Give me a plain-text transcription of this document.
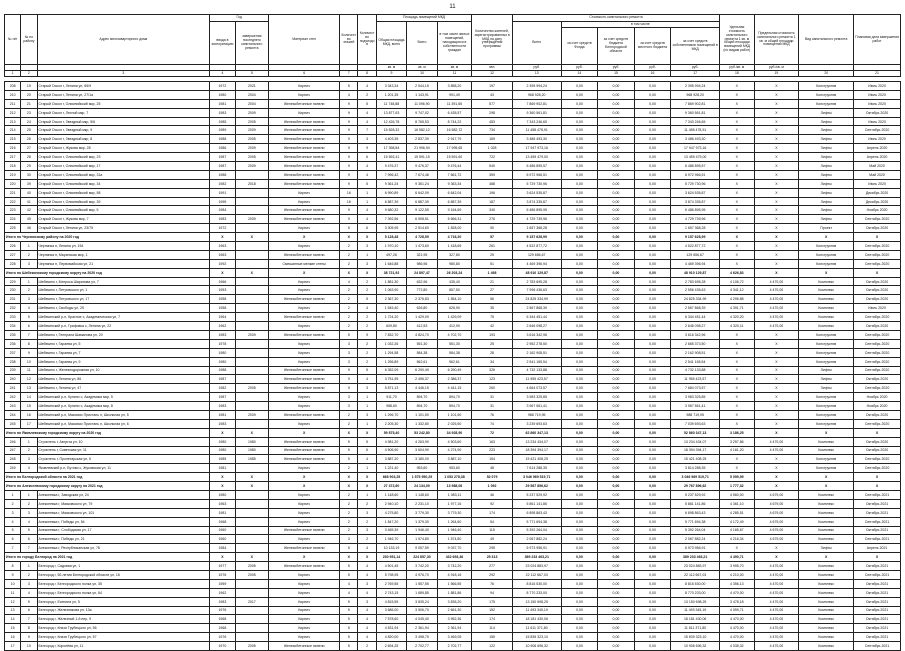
11
№ п/п	№ по району	Адрес многоквартирного дома	Год		Материал стен	Количество этажей	Количество подъездов	Площадь помещений МКД			Количество жителей, зарегистрированных в МКД на дату утверждения программы	Стоимость капитального ремонта					Удельная стоимость капитального ремонта 1 кв. м общей площади помещений МКД (по видам работ)	Предельная стоимость капитального ремонта 1 кв. м общей площади помещений МКД	Вид капитального ремонта	Плановая дата завершения работ
			ввода в эксплуатацию	завершения последнего капитального ремонта				Общая площадь МКД, всего	Всего	в том числе жилых помещений, находящихся в собственности граждан		Всего	в том числе							
													за счет средств Фонда	за счет средств бюджета Белгородской области	за счет средств местного бюджета	за счет средств собственников помещений в МКД				
								кв. м	кв. м	кв. м	чел.	руб.	руб.	руб.	руб.	руб.	руб./кв. м	руб./кв. м		
1	2	3	4	5	6	7	8	9	10	11	12	13	14	15	16	17	18	19	20	21
208	19	Старый Оскол г, Ленина ул, 65/9	1972	2021	Кирпич	5	4	3 343,34	2 544,15	3 858,20	197	2 395 994,24	0,00	0,00	0,00	2 395 994,24	X	X	Конструктив	Июль 2020
210	20	Старый Оскол г, Ленина ул, 27/1а	1980	2004	Кирпич	4	2	1 201,35	1 143,91	991,49	43	968 928,20	0,00	0,00	0,00	968 928,20	X	X	Конструктив	Июль 2020
211	21	Старый Оскол г, Олимпийский мкр, 25	1981	2004	Железобетонные панели	9	5	11 748,88	11 096,90	11 391,65	577	7 869 902,81	0,00	0,00	0,00	7 869 902,81	X	X	Конструктив	Июль 2020
212	23	Старый Оскол г, Лесной мкр, 7	1983	2009	Кирпич	9	4	13 877,63	9 747,02	6 435,57	298	9 360 561,81	0,00	0,00	0,00	9 360 561,81	X	X	Лифты	Октябрь 2020
213	24	Старый Оскол г, Звездный мкр, 5/6	1985	2005	Железобетонные панели	9	4	12 426,78	8 765,53	8 744,22	453	7 343 246,65	0,00	0,00	0,00	7 343 246,65	X	X	Лифты	Июль 2020
214	25	Старый Оскол г, Звездный мкр, 9	1989	2009	Железобетонные панели	9	7	15 828,32	16 582,12	16 582,72	734	11 458 478,91	0,00	0,00	0,00	11 458 478,91	X	X	Лифты	Сентябрь 2020
215	26	Старый Оскол г, Звездный мкр, 8	1988	2005	Железобетонные панели	9	3	4 403,35	2 837,39	2 917,79	169	3 486 493,30	0,00	0,00	0,00	3 486 493,30	X	X	Лифты	Июнь 2020
216	27	Старый Оскол г, Жукова мкр, 28	1986	2009	Железобетонные панели	9	9	17 398,84	21 996,94	17 995,65	1 028	17 947 973,16	0,00	0,00	0,00	17 947 973,16	X	X	Лифты	Апрель 2020
217	28	Старый Оскол г, Олимпийский мкр, 23	1987	2005	Железобетонные панели	9	6	15 592,41	15 591,15	15 591,60	722	13 459 479,00	0,00	0,00	0,00	13 459 479,00	X	X	Лифты	Апрель 2020
218	29	Старый Оскол г, Олимпийский мкр, 17	1987	2009	Железобетонные панели	9	4	9 476,37	9 476,37	9 476,44	540	6 486 895,57	0,00	0,00	0,00	6 486 895,57	X	X	Лифты	Май 2020
219	30	Старый Оскол г, Олимпийский мкр, 31а	1988		Железобетонные панели	9	4	7 996,42	7 674,48	7 661,72	359	6 972 966,51	0,00	0,00	0,00	6 972 966,51	X	X	Лифты	Май 2020
220	39	Старый Оскол г, Олимпийский мкр, 34	1982	2018	Железобетонные панели	9	5	9 361,24	9 361,24	9 363,34	488	5 729 730,96	0,00	0,00	0,00	5 729 730,96	X	X	Лифты	Июль 2020
221	40	Старый Оскол г, Олимпийский мкр, 58	1991		Кирпич	16	1	6 990,89	6 642,09	6 642,04	196	3 624 535,87	0,00	0,00	0,00	3 624 535,87	X	X	Лифты	Декабрь 2020
222	41	Старый Оскол г, Олимпийский мкр, 39	1995		Кирпич	16	1	6 887,39	6 887,39	6 887,39	187	3 874 335,87	0,00	0,00	0,00	3 874 335,87	X	X	Лифты	Декабрь 2020
223	42	Старый Оскол г, Олимпийский мкр, 5	1984		Железобетонные панели	9	4	9 680,32	9 122,55	9 164,69	340	6 486 895,95	0,00	0,00	0,00	6 486 895,95	X	X	Лифты	Ноябрь 2020
224	45	Старый Оскол г, Жукова мкр, 7	1983	2009	Железобетонные панели	9	4	7 392,56	6 908,51	5 666,31	276	4 729 739,96	0,00	0,00	0,00	4 729 739,96	X	X	Лифты	Сентябрь 2020
225	46	Старый Оскол г, Ленина ул, 23/75	1972		Кирпич	5	6	3 305,95	2 514,60	1 828,00	90	1 657 368,28	0,00	0,00	0,00	1 657 368,28	X	X	Проект	Октябрь 2020
Итого по Чернянскому району на 2020 год			X	X	X	X	X	5 128,48	4 728,59	4 716,20	57	9 157 628,99	0,00	0,00	0,00	9 157 628,99	X	X	X	X
226	1	Чернянка п, Ленина ул, 154	1963		Кирпич	2	3	1 970,10	1 473,60	1 418,65	261	4 522 877,72	0,00	0,00	0,00	4 522 877,72	X	X	Конструктив	Сентябрь 2020
227	2	Чернянка п, Маринская мкр, 1	1963		Железобетонные панели	2	1	497,26	321,95	327,80	25	129 656,67	0,00	0,00	0,00	129 656,67	X	X	Конструктив	Сентябрь 2020
228	3	Чернянка п, Первомайская ул, 21	1992		Смешанные мелкие стены	2	3	1 646,88	986,96	980,80	51	4 469 396,94	0,00	0,00	0,00	4 469 396,94	X	X	Конструктив	Сентябрь 2020
Итого по Шебекинскому городскому округу на 2020 год			X	X	X	X	X	38 721,92	24 897,47	26 203,24	1 498	48 910 129,87	0,00	0,00	0,00	48 910 129,87	4 626,83	X	X	X
229	1	Шебекино г, Матроса Шарапова ул, 7	1966		Кирпич	4	2	1 881,30	632,96	435,40	21	2 783 695,28	0,00	0,00	0,00	2 783 695,28	4 106,72	4 470,00	Комплекс	Октябрь 2020
230	2	Шебекино г, Петровского ул, 1	1953		Кирпич	2	2	1 063,90	772,80	857,50	27	7 996 436,63	0,00	0,00	0,00	2 556 435,63	4 341,12	4 470,00	Комплекс	Октябрь 2020
231	3	Шебекино г, Петровского ул, 17	1958		Железобетонные панели	2	5	2 367,30	2 376,83	1 554,10	56	24 825 334,99	0,00	0,00	0,00	24 825 334,99	4 296,88	4 470,00	Комплекс	Октябрь 2020
232	4	Шебекино г, Свободы ул, 25	1958		Кирпич	2	4	1 545,40	626,80	626,90	35	2 567 868,39	0,00	0,00	0,00	2 567 868,39	4 391,71	4 470,00	Комплекс	Июль 2020
233	5	Шебекинский р-н, Красное с, Академическая ул, 7	1964		Железобетонные панели	2	2	1 724,20	1 429,09	1 429,09	75	6 344 451,44	0,00	0,00	0,00	6 344 451,44	4 320,20	4 470,00	Комплекс	Сентябрь 2020
234	6	Шебекинский р-н, Графовка с, Ленина ул, 22	1962		Кирпич	2	2	609,80	412,53	412,90	42	2 646 098,27	0,00	0,00	0,00	2 646 098,27	4 320,11	4 470,00	Комплекс	Октябрь 2020
235	7	Шебекино г, Генерала Шаманова ул, 20	1983	2009	Железобетонные панели	5	9	7 832,70	4 824,70	4 702,70	193	3 616 342,96	0,00	0,00	0,00	3 616 342,96	X	X	Конструктив	Сентябрь 2020
236	8	Шебекино г, Гараева ул, 5	1978		Кирпич	3	2	1 032,26	551,30	551,30	25	2 952 278,50	0,00	0,00	0,00	2 665 373,50	X	X	Конструктив	Сентябрь 2020
237	9	Шебекино г, Гараева ул, 7	1980		Кирпич	3	2	1 294,58	584,38	584,38	28	2 162 908,51	0,00	0,00	0,00	2 162 908,51	X	X	Конструктив	Сентябрь 2020
238	10	Шебекино г, Гараева ул, 9	1980		Кирпич	3	2	1 256,89	562,61	562,61	34	2 541 165,54	0,00	0,00	0,00	2 541 165,54	X	X	Конструктив	Сентябрь 2020
239	11	Шебекино г, Железнодорожная ул, 10	1988		Железобетонные панели	9	5	6 352,09	6 290,49	6 290,49	326	4 732 133,88	0,00	0,00	0,00	4 732 133,88	X	X	Лифты	Сентябрь 2020
240	12	Шебекино г, Ленина ул, 86	1987		Железобетонные панели	9	4	3 751,95	2 496,37	2 386,37	123	11 955 423,57	0,00	0,00	0,00	11 955 423,57	X	X	Лифты	Октябрь 2020
241	13	Шебекино г, Ленина ул, 47	1982	2005	Железобетонные панели	9	3	5 871,13	4 446,15	4 441,15	260	4 664 073,57	0,00	0,00	0,00	7 684 073,57	X	X	Лифты	Сентябрь 2020
242	14	Шебекинский р-н, Купино с, Академика мкр, 5	1987		Кирпич	3	1	911,70	894,70	894,70	31	3 983 325,85	0,00	0,00	0,00	3 983 325,85	X	X	Конструктив	Ноябрь 2020
243	15	Шебекинский р-н, Купино с, Академика мкр, 8	1983		Кирпич	3	1	988,60	894,70	894,70	31	3 967 561,41	0,00	0,00	0,00	3 967 561,41	X	X	Конструктив	Ноябрь 2020
244	16	Шебекинский р-н, Максимо Пристань п, Школьная ул, 5	1981	2009	Железобетонные панели	2	3	1 296,70	1 101,50	1 101,50	76	988 719,95	0,00	0,00	0,00	988 719,95	X	X	Конструктив	Октябрь 2020
245	17	Шебекинский р-н, Максимо Пристань п, Школьная ул, 6	1983		Кирпич	2	1	2 205,30	1 332,80	2 025,50	74	3 239 693,63	0,00	0,00	0,00	7 039 693,63	X	X	Конструктив	Сентябрь 2020
Итого по Яковлевскому городскому округу на 2020 год			X	X	X	X	X	59 875,40	53 242,80	34 928,90	72	62 860 347,13	0,00	0,00	0,00	52 860 347,13	3 186,25	X	X	X
246	1	Строитель г, Августа ул, 10	1980	1980	Железобетонные панели	5	5	4 981,20	4 263,90	4 503,60	163	13 234 434,07	0,00	0,00	0,00	13 234 434,07	3 257,86	4 470,00	Комплекс	Октябрь 2020
247	2	Строитель г, Советская ул, 11	1980	1980	Железобетонные панели	5	6	4 506,90	3 604,90	4 274,90	223	18 394 394,17	0,00	0,00	0,00	18 394 394,17	4 161,20	4 470,00	Комплекс	Октябрь 2020
248	3	Строитель г, Пролетарская ул, 5	1985	1985	Железобетонные панели	5	4	3 887,20	3 180,00	3 887,10	154	15 421 408,25	0,00	0,00	0,00	15 421 408,25	X	X	Конструктив	Сентябрь 2020
249	4	Яковлевский р-н, Бутово с, Жуковская ул, 11	1981		Кирпич	2	1	1 221,40	953,60	953,60	48	7 614 288,35	0,00	0,00	0,00	3 814 288,35	X	X	Конструктив	Сентябрь 2020
Итого по Белгородской области на 2021 год			X	X	X	X	X	668 903,25	1 575 950,29	1 053 278,38	52 079	3 046 969 519,71	0,00	0,00	0,00	3 046 969 519,71	5 059,99	X	X	X
Итого по Алексеевскому городскому округу на 2021 год			X	X	X	X	X	27 472,60	24 134,09	13 988,08	1 092	29 567 896,62	0,00	0,00	0,00	29 767 896,62	1 777,32	X	X	X
1	1	Алексеевка г, Заводская ул, 24	1980		Кирпич	2	1	1 148,60	1 148,60	1 083,11	46	5 237 529,92	0,00	0,00	0,00	5 237 529,92	4 560,00	4 679,00	Комплекс	Сентябрь 2021
2	2	Алексеевка г, Маяковского ул, 79	1963		Кирпич	2	2	2 940,10	2 231,10	1 977,16	92	5 861 141,86	0,00	0,00	0,00	5 861 141,86	4 361,10	4 679,00	Комплекс	Октябрь 2021
3	3	Алексеевка г, Маяковского ул, 101	1981		Кирпич	2	3	4 275,80	3 779,30	3 779,30	174	6 898 863,43	0,00	0,00	0,00	6 898 863,43	4 285,51	4 679,00	Комплекс	Октябрь 2021
4	4	Алексеевка г, Победы ул, 54	1968		Кирпич	2	2	1 847,20	1 379,30	1 264,60	54	5 771 694,38	0,00	0,00	0,00	5 771 694,38	4 172,49	4 679,00	Комплекс	Сентябрь 2021
5	5	Алексеевка г, Слободская ул, 17	1960		Железобетонные панели	2	3	3 465,39	1 946,40	1 946,40	115	5 392 264,04	0,00	0,00	0,00	5 392 264,04	4 165,67	4 679,00	Комплекс	Октябрь 2021
6	6	Алексеевка г, Победы ул, 21	1960		Кирпич	3	2	1 946,70	1 574,80	1 574,80	49	2 067 882,24	0,00	0,00	0,00	2 067 882,24	4 216,34	4 679,00	Комплекс	Сентябрь 2021
7	7	Алексеевка г, Республиканская ул, 78	1984		Железобетонные панели	5	4	10 133,19	9 057,59	9 037,70	295	6 973 956,91	0,00	0,00	0,00	6 973 956,91	X	X	Лифты	Апрель 2021
Итого по городу Белгород на 2021 год			X	X	X	X	X	230 951,14	224 857,30	432 693,46	25 313	389 233 463,21	0,00	0,00	0,00	389 233 463,21	4 490,71	X	X	X
8	1	Белгород г, Садовая ул, 1	1977	2005	Железобетонные панели	5	4	4 501,45	3 742,20	3 742,20	277	23 024 883,97	0,00	0,00	0,00	23 024 883,97	3 995,70	4 470,00	Комплекс	Октябрь 2021
9	2	Белгород г, 50-летия Белгородской области ул, 16	1976	2005	Кирпич	5	4	5 798,95	4 976,70	4 918,16	292	22 112 667,03	0,00	0,00	0,00	22 112 667,03	4 210,00	4 470,00	Комплекс	Сентябрь 2021
10	3	Белгород г, Белгородского полка ул, 35	1959		Кирпич	4	3	2 769,55	1 557,55	1 566,55	76	8 816 530,00	0,00	0,00	0,00	8 816 530,00	4 356,13	4 470,00	Комплекс	Октябрь 2021
11	4	Белгород г, Белгородского полка ул, 64	1962		Кирпич	4	4	2 743,15	1 689,85	1 881,86	94	8 770 233,00	0,00	0,00	0,00	8 770 233,00	4 470,00	4 470,00	Комплекс	Октябрь 2021
12	5	Белгород г, Есенина ул, 5	1983	2017	Кирпич	5	3	4 815,55	3 835,24	3 835,20	175	13 150 698,25	0,00	0,00	0,00	13 150 698,25	3 478,18	4 470,00	Комплекс	Октябрь 2021
13	6	Белгород г, Железнякова ул, 13а	1976		Кирпич	5	4	3 686,00	3 506,70	2 661,30	152	11 493 345,19	0,00	0,00	0,00	11 493 345,19	4 059,71	4 470,00	Комплекс	Октябрь 2021
14	7	Белгород г, Железный 1-й пер, 9	1968		Кирпич	5	4	7 578,60	4 045,40	3 952,36	174	18 181 430,06	0,00	0,00	0,00	18 181 430,06	4 470,00	4 470,00	Комплекс	Октябрь 2021
15	8	Белгород г, Князя Трубецкого ул, 56	1968		Кирпич	5	4	4 531,94	2 361,94	2 361,94	114	11 611 371,80	0,00	0,00	0,00	11 611 371,80	4 470,00	4 470,00	Комплекс	Октябрь 2021
16	9	Белгород г, Князя Трубецкого ул, 57	1976		Кирпич	5	4	4 820,00	3 498,75	3 469,05	155	15 839 323,10	0,00	0,00	0,00	15 839 323,10	4 470,00	4 470,00	Комплекс	Октябрь 2021
17	10	Белгород г, Королёва ул, 11	1970	2005	Железобетонные панели	5	2	2 694,25	2 702,77	2 702,77	122	10 906 696,32	0,00	0,00	0,00	10 906 696,32	4 035,32	4 470,00	Комплекс	Сентябрь 2021
